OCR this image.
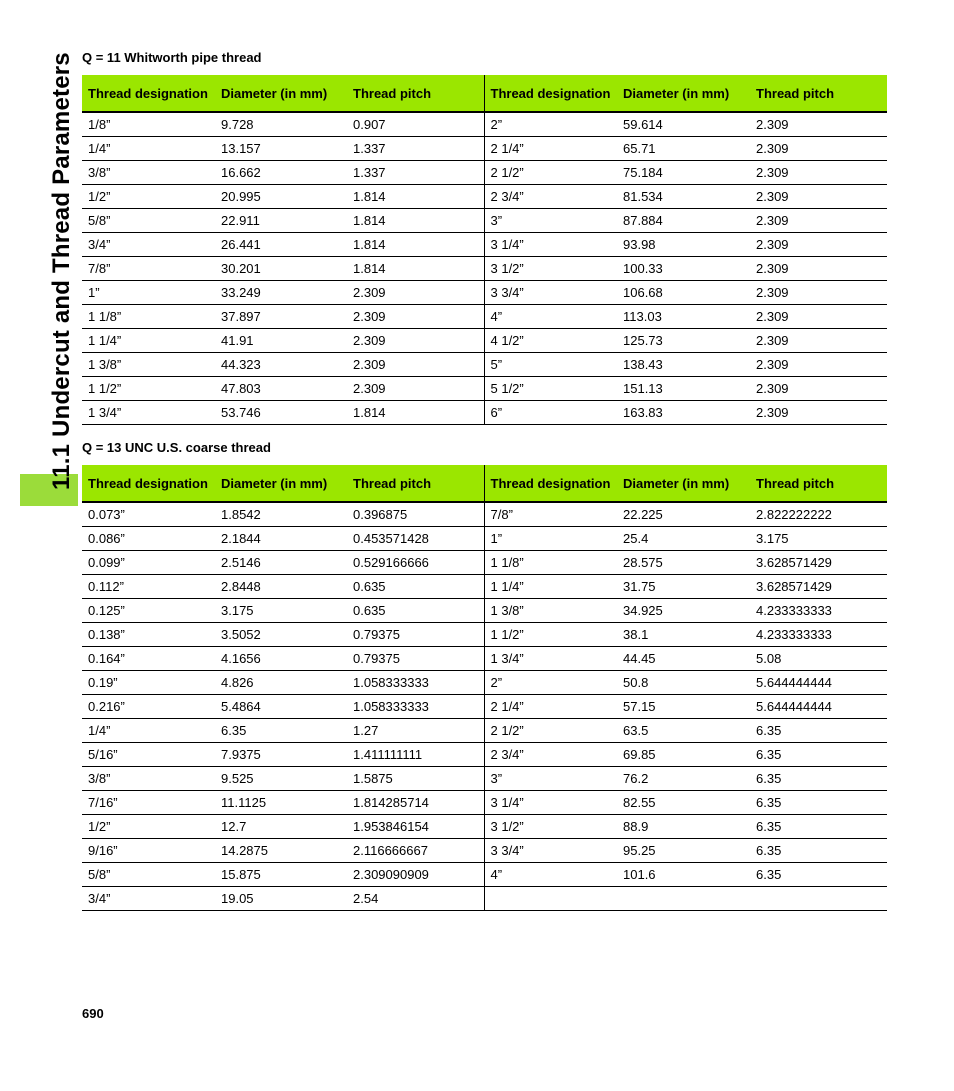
11.1 Undercut and Thread Parameters Q = 11 Whitworth pipe thread
Thread designation	Diameter (in mm)	Thread pitch	Thread designation	Diameter (in mm)	Thread pitch
1/8”	9.728	0.907	2”	59.614	2.309
1/4”	13.157	1.337	2 1/4”	65.71	2.309
3/8”	16.662	1.337	2 1/2”	75.184	2.309
1/2”	20.995	1.814	2 3/4”	81.534	2.309
5/8”	22.911	1.814	3”	87.884	2.309
3/4”	26.441	1.814	3 1/4”	93.98	2.309
7/8”	30.201	1.814	3 1/2”	100.33	2.309
1”	33.249	2.309	3 3/4”	106.68	2.309
1 1/8”	37.897	2.309	4”	113.03	2.309
1 1/4”	41.91	2.309	4 1/2”	125.73	2.309
1 3/8”	44.323	2.309	5”	138.43	2.309
1 1/2”	47.803	2.309	5 1/2”	151.13	2.309
1 3/4”	53.746	1.814	6”	163.83	2.309
Q = 13 UNC U.S. coarse thread
Thread designation	Diameter (in mm)	Thread pitch	Thread designation	Diameter (in mm)	Thread pitch
0.073”	1.8542	0.396875	7/8”	22.225	2.822222222
0.086”	2.1844	0.453571428	1”	25.4	3.175
0.099”	2.5146	0.529166666	1 1/8”	28.575	3.628571429
0.112”	2.8448	0.635	1 1/4”	31.75	3.628571429
0.125”	3.175	0.635	1 3/8”	34.925	4.233333333
0.138”	3.5052	0.79375	1 1/2”	38.1	4.233333333
0.164”	4.1656	0.79375	1 3/4”	44.45	5.08
0.19”	4.826	1.058333333	2”	50.8	5.644444444
0.216”	5.4864	1.058333333	2 1/4”	57.15	5.644444444
1/4”	6.35	1.27	2 1/2”	63.5	6.35
5/16”	7.9375	1.411111111	2 3/4”	69.85	6.35
3/8”	9.525	1.5875	3”	76.2	6.35
7/16”	11.1125	1.814285714	3 1/4”	82.55	6.35
1/2”	12.7	1.953846154	3 1/2”	88.9	6.35
9/16”	14.2875	2.116666667	3 3/4”	95.25	6.35
5/8”	15.875	2.309090909	4”	101.6	6.35
3/4”	19.05	2.54			
690
